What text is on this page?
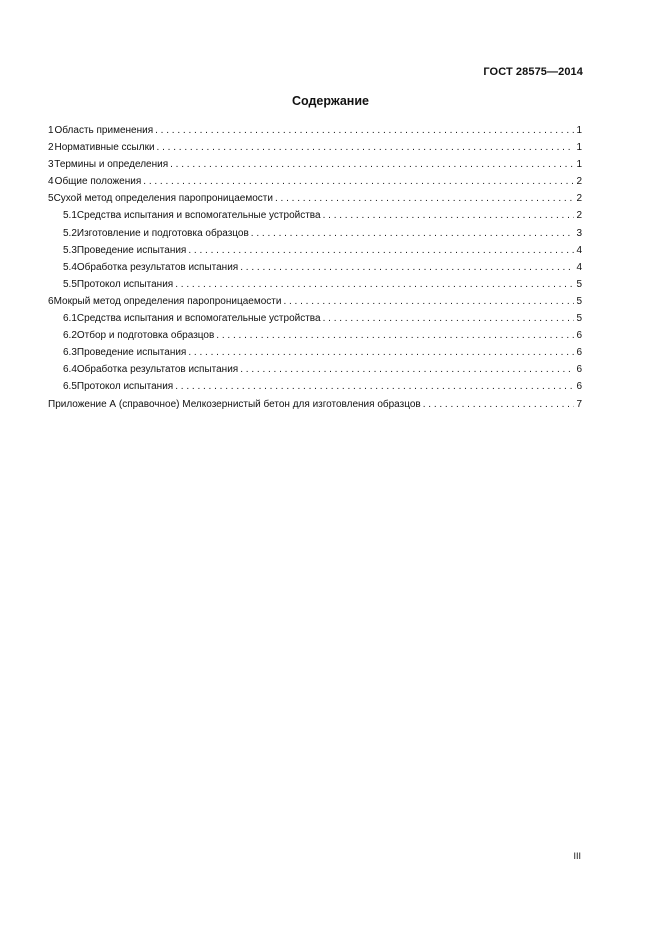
ГОСТ 28575—2014
Содержание
1 Область применения . . .	1
2 Нормативные ссылки . . .	1
3 Термины и определения . . .	1
4 Общие положения . . .	2
5 Сухой метод определения паропроницаемости . . .	2
5.1 Средства испытания и вспомогательные устройства . . .	2
5.2 Изготовление и подготовка образцов . . .	3
5.3 Проведение испытания . . .	4
5.4 Обработка результатов испытания . . .	4
5.5 Протокол испытания . . .	5
6 Мокрый метод определения паропроницаемости . . .	5
6.1 Средства испытания и вспомогательные устройства . . .	5
6.2 Отбор и подготовка образцов . . .	6
6.3 Проведение испытания . . .	6
6.4 Обработка результатов испытания . . .	6
6.5 Протокол испытания . . .	6
Приложение А (справочное) Мелкозернистый бетон для изготовления образцов . . .	7
III
